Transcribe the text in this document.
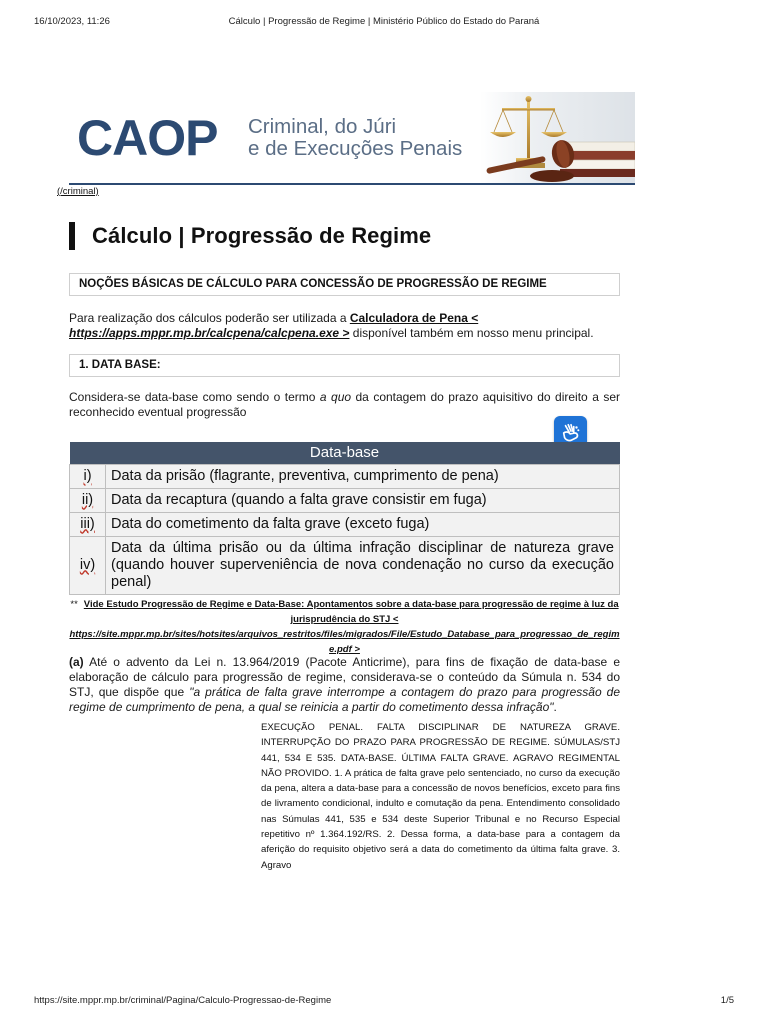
16/10/2023, 11:26	Cálculo | Progressão de Regime | Ministério Público do Estado do Paraná
CAOP Criminal, do Júri
e de Execuções Penais
(/criminal)
Cálculo | Progressão de Regime
NOÇÕES BÁSICAS DE CÁLCULO PARA CONCESSÃO DE PROGRESSÃO DE REGIME

Para realização dos cálculos poderão ser utilizada a Calculadora de Pena <
https://apps.mppr.mp.br/calcpena/calcpena.exe > disponível também em nosso menu principal.

1. DATA BASE:

Considera-se data-base como sendo o termo a quo da contagem do prazo aquisitivo do direito a ser reconhecido eventual progressão

Data-base	
i)	Data da prisão (flagrante, preventiva, cumprimento de pena)
ii)	Data da recaptura (quando a falta grave consistir em fuga)
iii)	Data do cometimento da falta grave (exceto fuga)
iv)	Data da última prisão ou da última infração disciplinar de natureza grave (quando houver superveniência de nova condenação no curso da execução penal)
** Vide Estudo Progressão de Regime e Data-Base: Apontamentos sobre a data-base para progressão de regime à luz da jurisprudência do STJ <
https://site.mppr.mp.br/sites/hotsites/arquivos_restritos/files/migrados/File/Estudo_Database_para_progressao_de_regime.pdf >

(a) Até o advento da Lei n. 13.964/2019 (Pacote Anticrime), para fins de fixação de data-base e elaboração de cálculo para progressão de regime, considerava-se o conteúdo da Súmula n. 534 do STJ, que dispõe que "a prática de falta grave interrompe a contagem do prazo para progressão de regime de cumprimento de pena, a qual se reinicia a partir do cometimento dessa infração".

EXECUÇÃO PENAL. FALTA DISCIPLINAR DE NATUREZA GRAVE. INTERRUPÇÃO DO PRAZO PARA PROGRESSÃO DE REGIME. SÚMULAS/STJ 441, 534 E 535. DATA-BASE. ÚLTIMA FALTA GRAVE. AGRAVO REGIMENTAL NÃO PROVIDO. 1. A prática de falta grave pelo sentenciado, no curso da execução da pena, altera a data-base para a concessão de novos benefícios, exceto para fins de livramento condicional, indulto e comutação da pena. Entendimento consolidado nas Súmulas 441, 535 e 534 deste Superior Tribunal e no Recurso Especial repetitivo nº 1.364.192/RS. 2. Dessa forma, a data-base para a contagem da aferição do requisito objetivo será a data do cometimento da última falta grave. 3. Agravo
https://site.mppr.mp.br/criminal/Pagina/Calculo-Progressao-de-Regime	1/5
